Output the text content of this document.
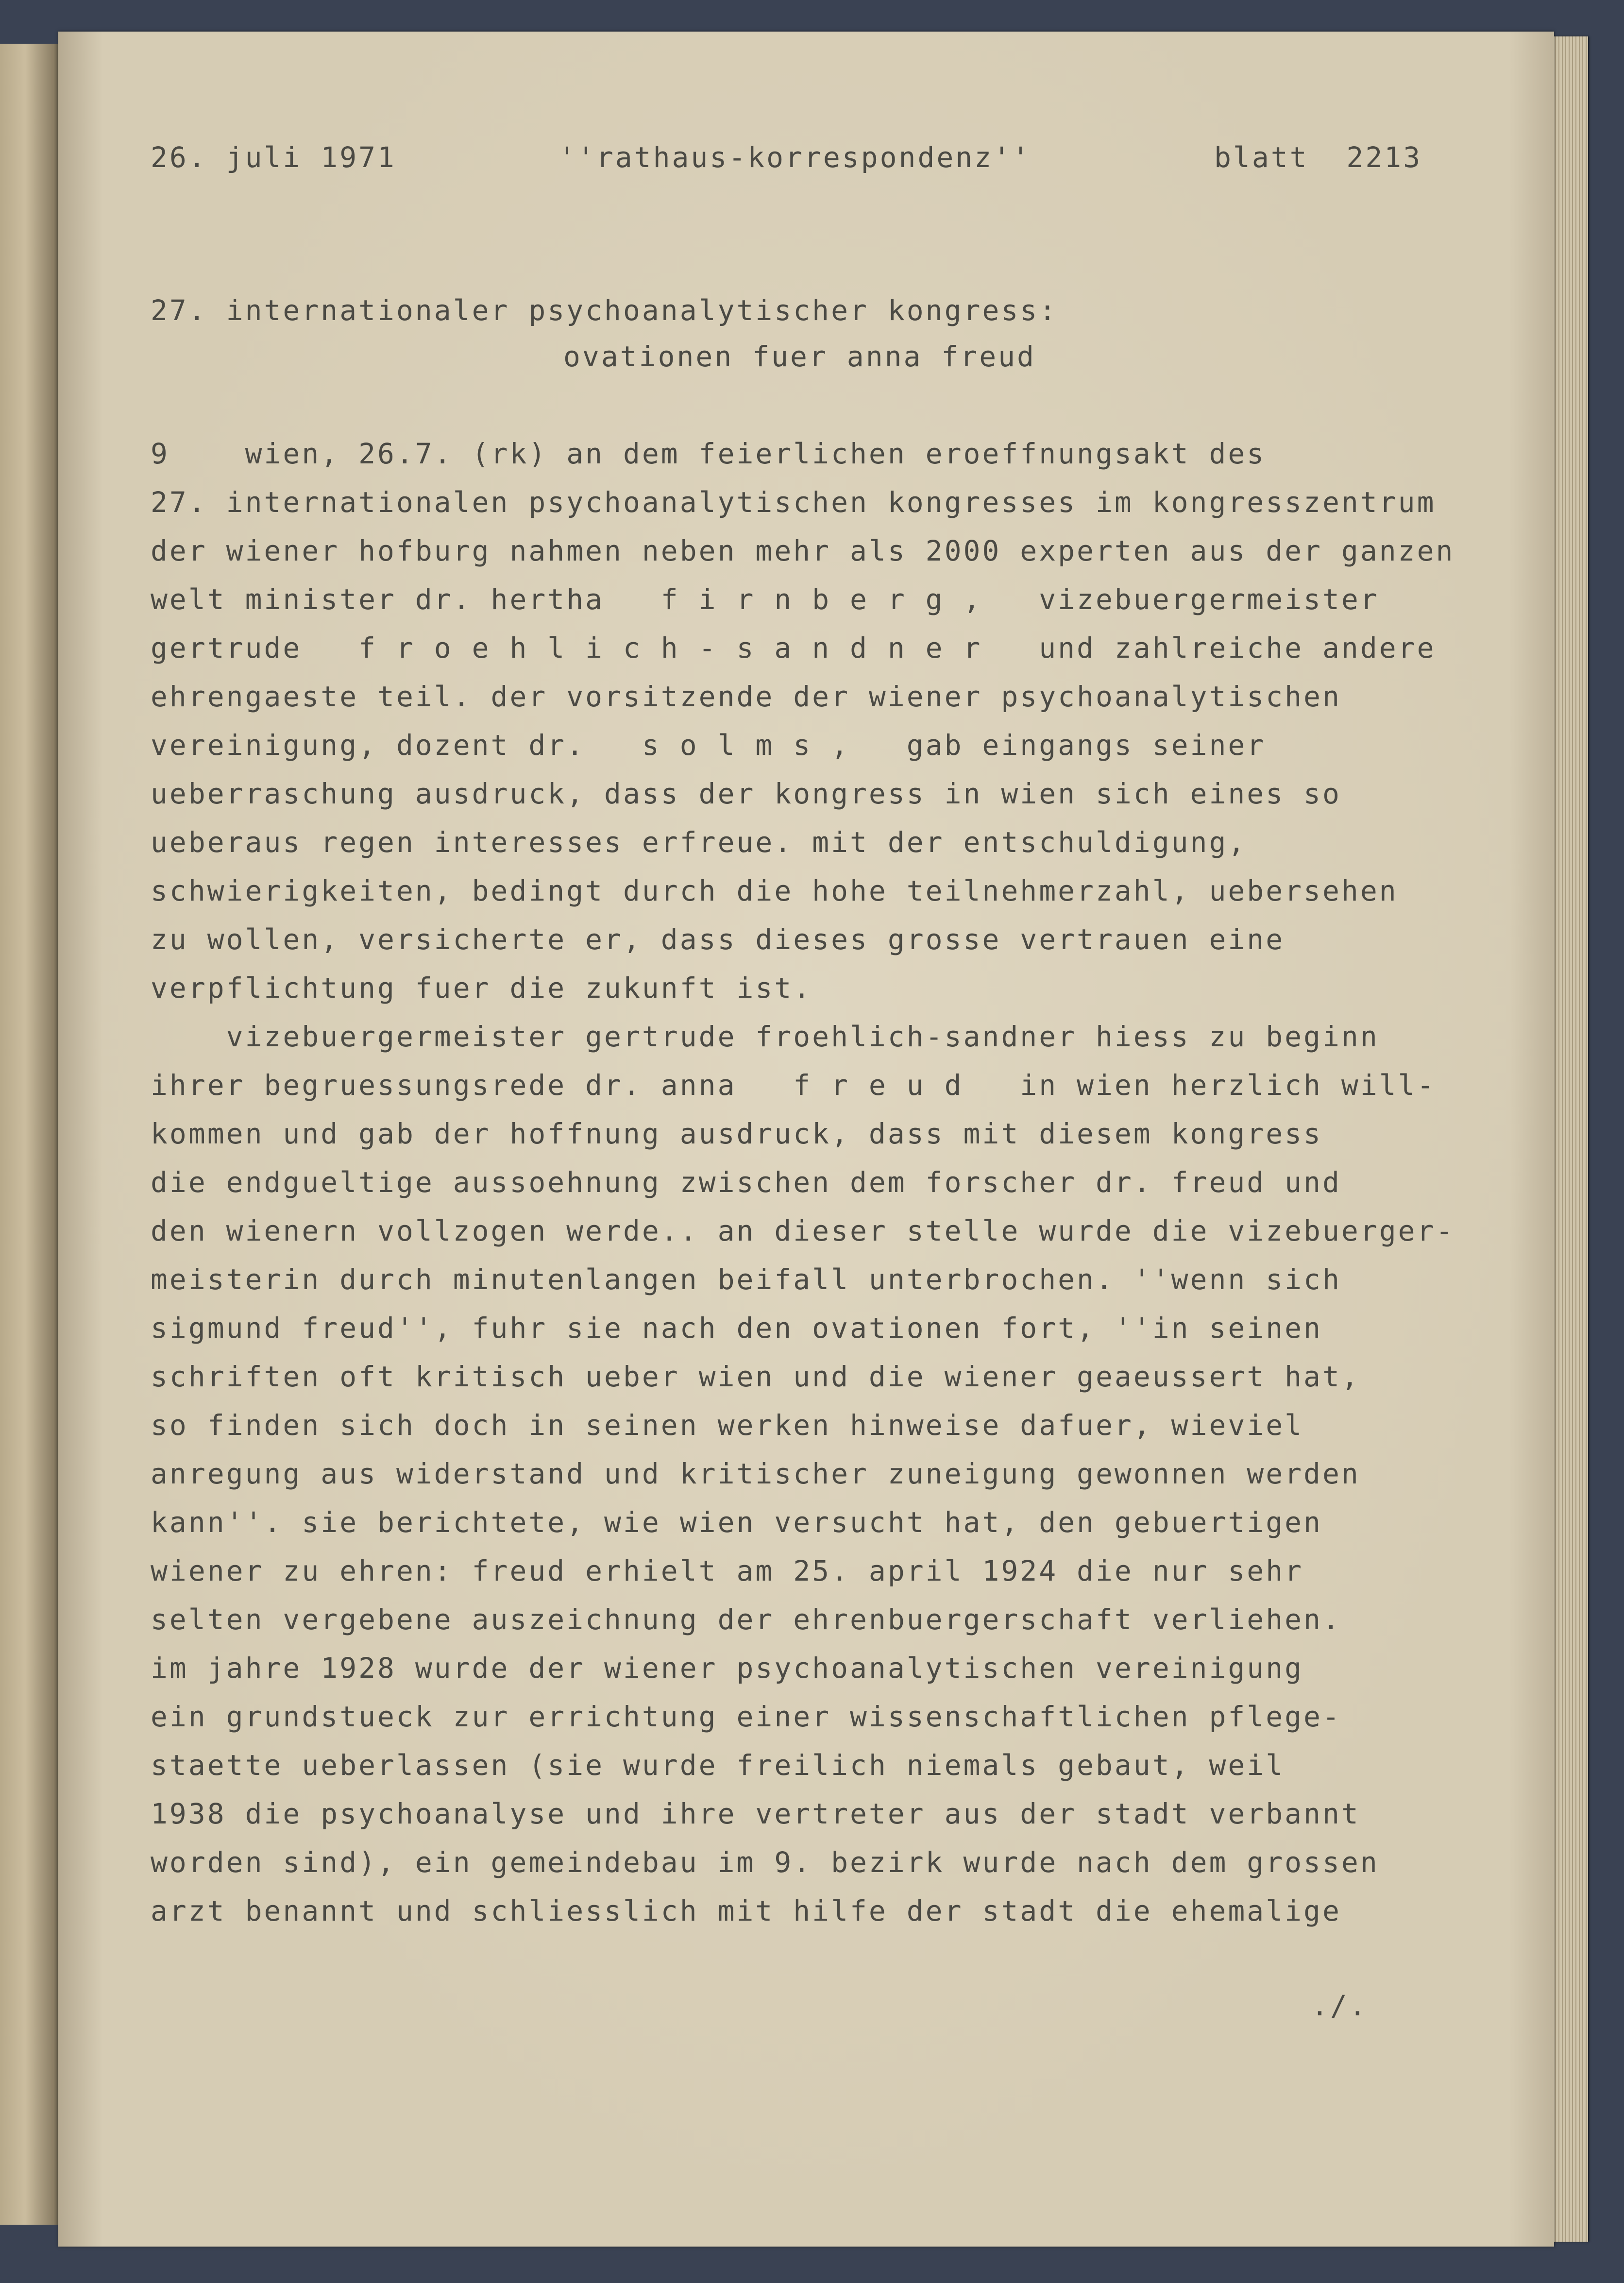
26. juli 1971	''rathaus-korrespondenz''	blatt  2213
27. internationaler psychoanalytischer kongress:
ovationen fuer anna freud
9    wien, 26.7. (rk) an dem feierlichen eroeffnungsakt des
27. internationalen psychoanalytischen kongresses im kongresszentrum
der wiener hofburg nahmen neben mehr als 2000 experten aus der ganzen
welt minister dr. hertha   f i r n b e r g ,   vizebuergermeister
gertrude   f r o e h l i c h - s a n d n e r   und zahlreiche andere
ehrengaeste teil. der vorsitzende der wiener psychoanalytischen
vereinigung, dozent dr.   s o l m s ,   gab eingangs seiner
ueberraschung ausdruck, dass der kongress in wien sich eines so
ueberaus regen interesses erfreue. mit der entschuldigung,
schwierigkeiten, bedingt durch die hohe teilnehmerzahl, uebersehen
zu wollen, versicherte er, dass dieses grosse vertrauen eine
verpflichtung fuer die zukunft ist.
vizebuergermeister gertrude froehlich-sandner hiess zu beginn
ihrer begruessungsrede dr. anna   f r e u d   in wien herzlich will-
kommen und gab der hoffnung ausdruck, dass mit diesem kongress
die endgueltige aussoehnung zwischen dem forscher dr. freud und
den wienern vollzogen werde.. an dieser stelle wurde die vizebuerger-
meisterin durch minutenlangen beifall unterbrochen. ''wenn sich
sigmund freud'', fuhr sie nach den ovationen fort, ''in seinen
schriften oft kritisch ueber wien und die wiener geaeussert hat,
so finden sich doch in seinen werken hinweise dafuer, wieviel
anregung aus widerstand und kritischer zuneigung gewonnen werden
kann''. sie berichtete, wie wien versucht hat, den gebuertigen
wiener zu ehren: freud erhielt am 25. april 1924 die nur sehr
selten vergebene auszeichnung der ehrenbuergerschaft verliehen.
im jahre 1928 wurde der wiener psychoanalytischen vereinigung
ein grundstueck zur errichtung einer wissenschaftlichen pflege-
staette ueberlassen (sie wurde freilich niemals gebaut, weil
1938 die psychoanalyse und ihre vertreter aus der stadt verbannt
worden sind), ein gemeindebau im 9. bezirk wurde nach dem grossen
arzt benannt und schliesslich mit hilfe der stadt die ehemalige
./.
